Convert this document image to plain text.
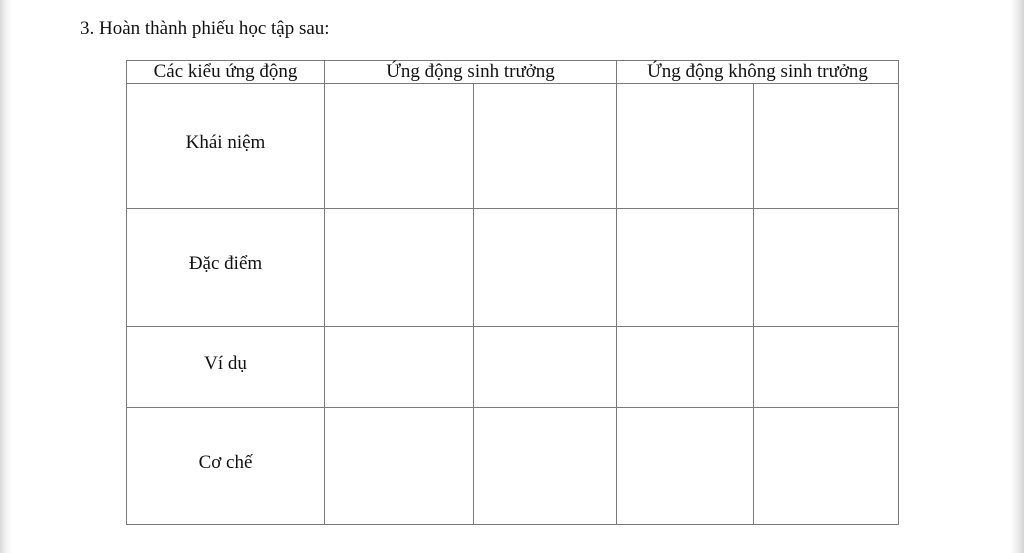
3. Hoàn thành phiếu học tập sau:
Các kiểu ứng động	Ứng động sinh trưởng		Ứng động không sinh trưởng	
Khái niệm				
Đặc điểm				
Ví dụ				
Cơ chế				
